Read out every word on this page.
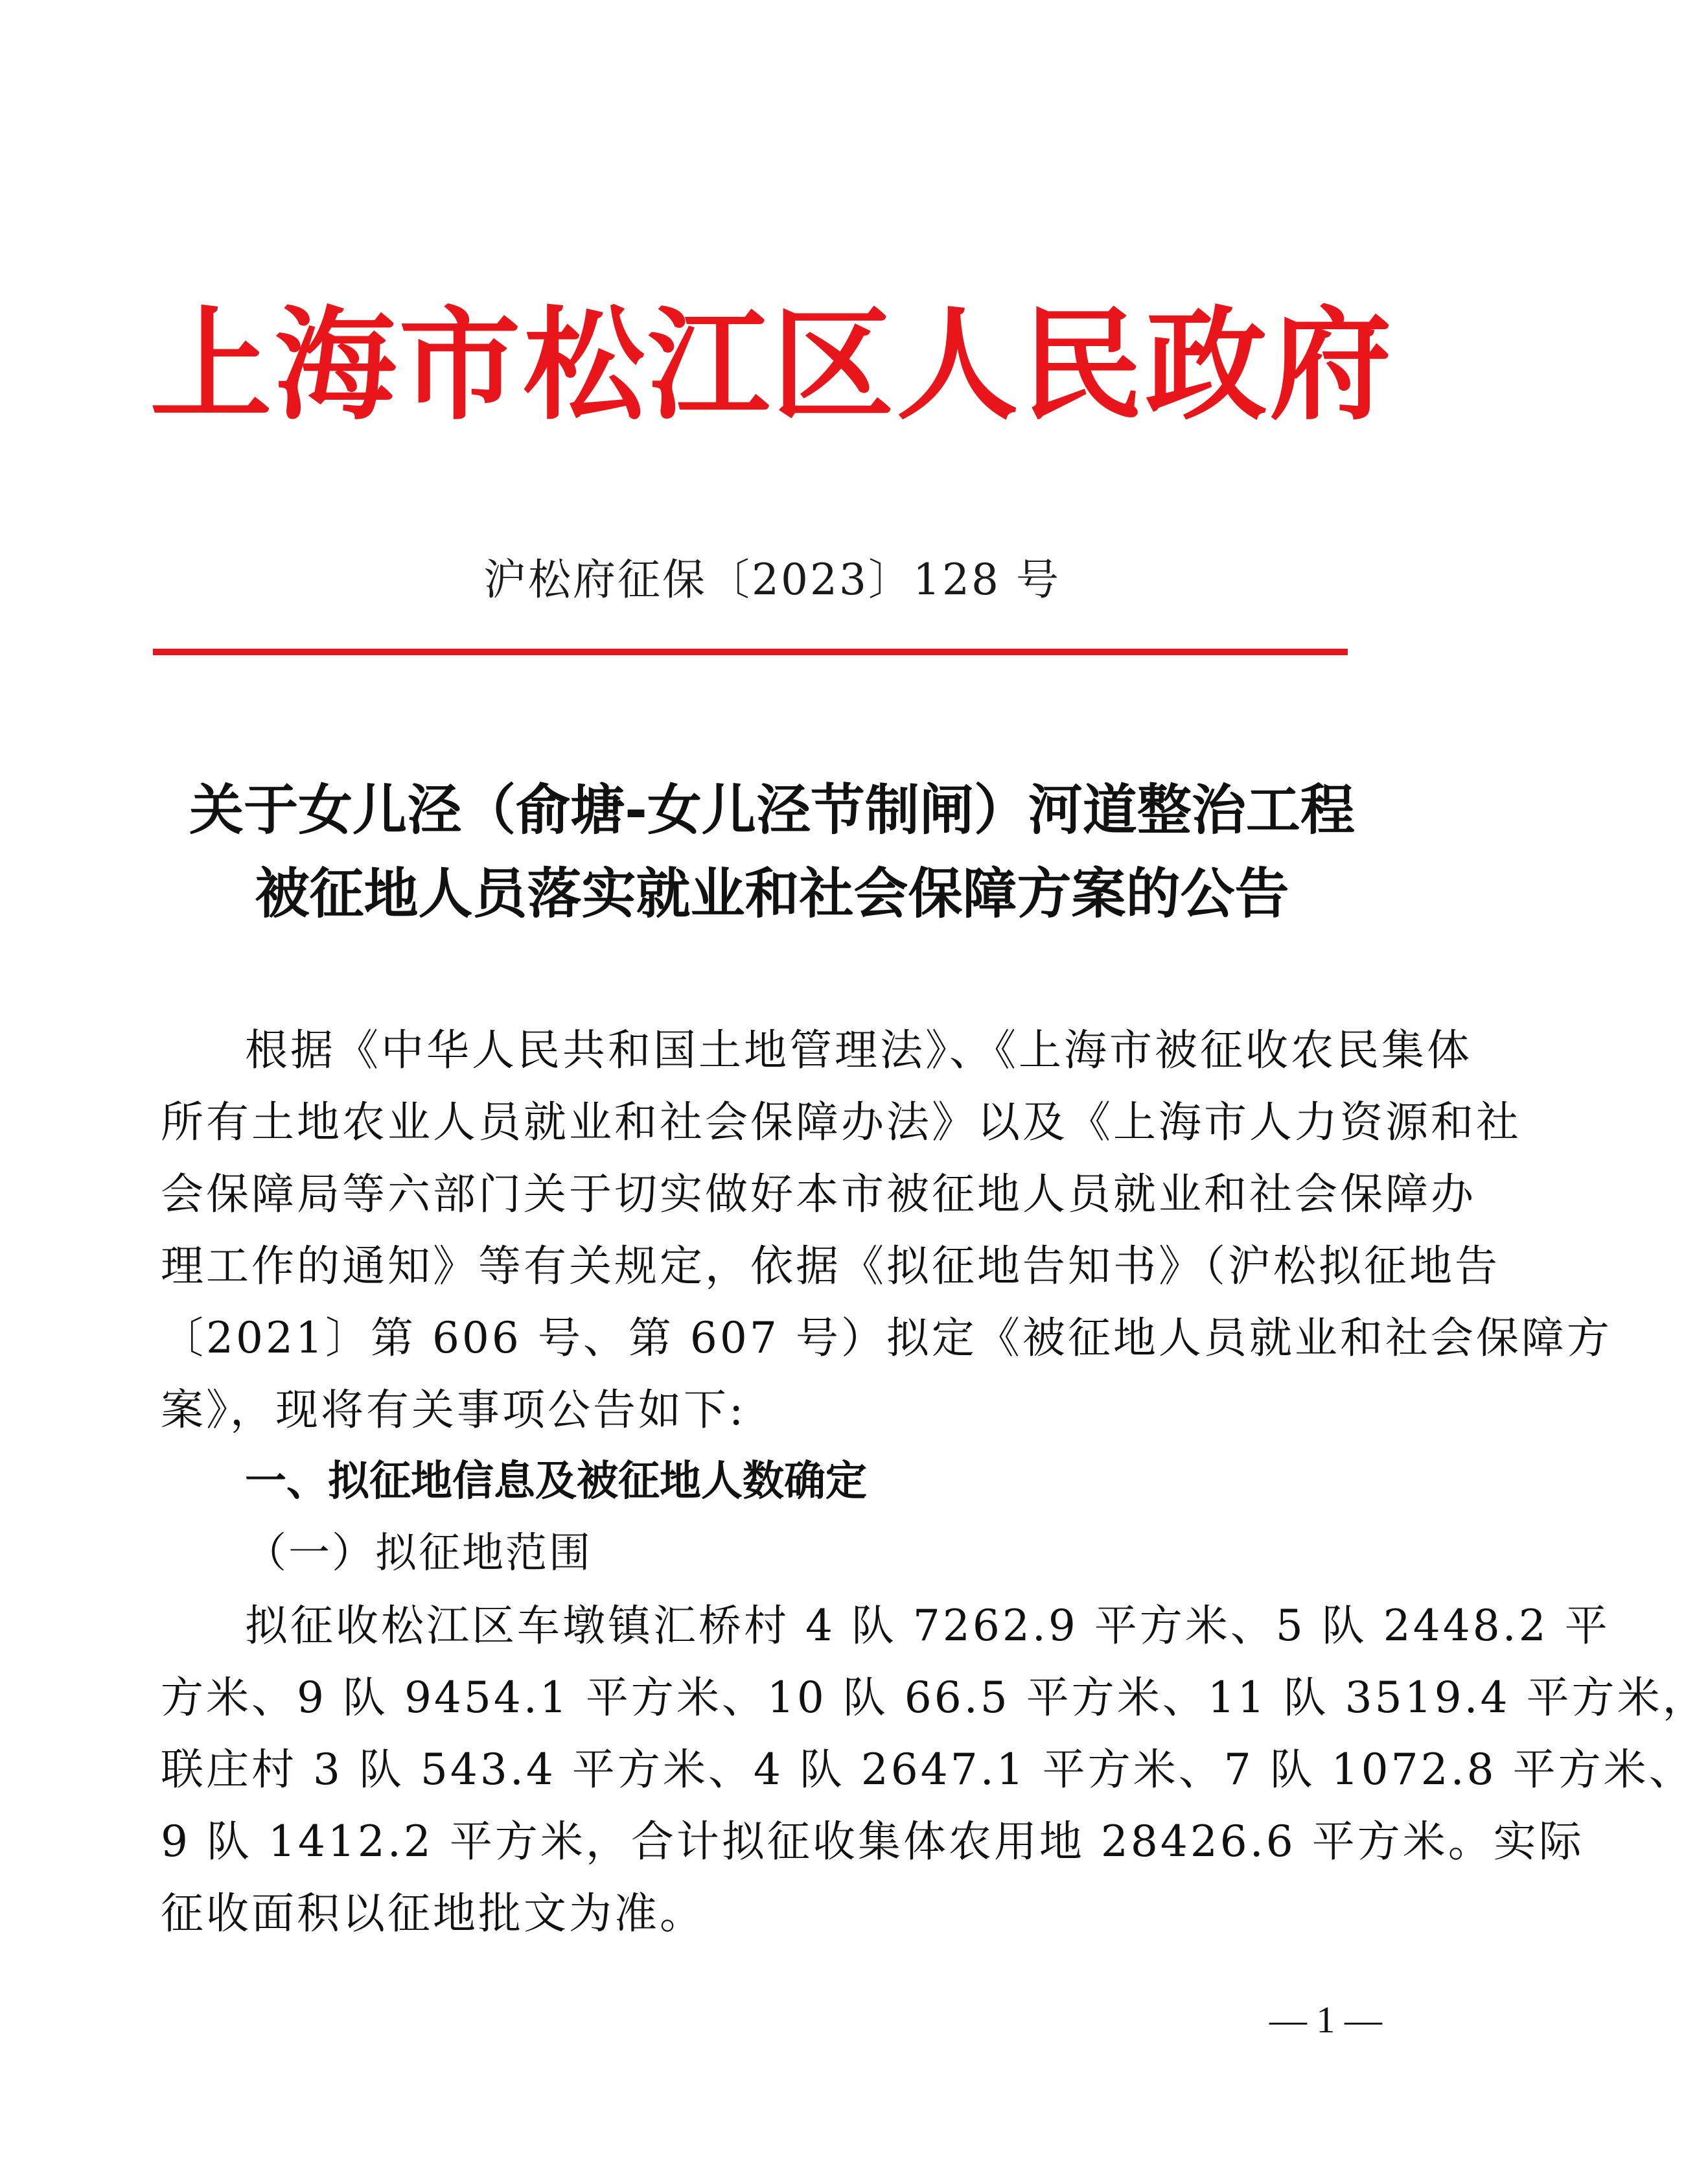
上海市松江区人民政府
沪松府征保〔2023〕128 号
关于女儿泾（俞塘-女儿泾节制闸）河道整治工程
被征地人员落实就业和社会保障方案的公告
根据《中华人民共和国土地管理法》、《上海市被征收农民集体
所有土地农业人员就业和社会保障办法》以及《上海市人力资源和社
会保障局等六部门关于切实做好本市被征地人员就业和社会保障办
理工作的通知》等有关规定，依据《拟征地告知书》（沪松拟征地告
〔2021〕第 606 号、第 607 号）拟定《被征地人员就业和社会保障方
案》，现将有关事项公告如下:
一、拟征地信息及被征地人数确定
（一）拟征地范围
拟征收松江区车墩镇汇桥村 4 队 7262.9 平方米、5 队 2448.2 平
方米、9 队 9454.1 平方米、10 队 66.5 平方米、11 队 3519.4 平方米，
联庄村 3 队 543.4 平方米、4 队 2647.1 平方米、7 队 1072.8 平方米、
9 队 1412.2 平方米，合计拟征收集体农用地 28426.6 平方米。实际
征收面积以征地批文为准。
— 1 —
